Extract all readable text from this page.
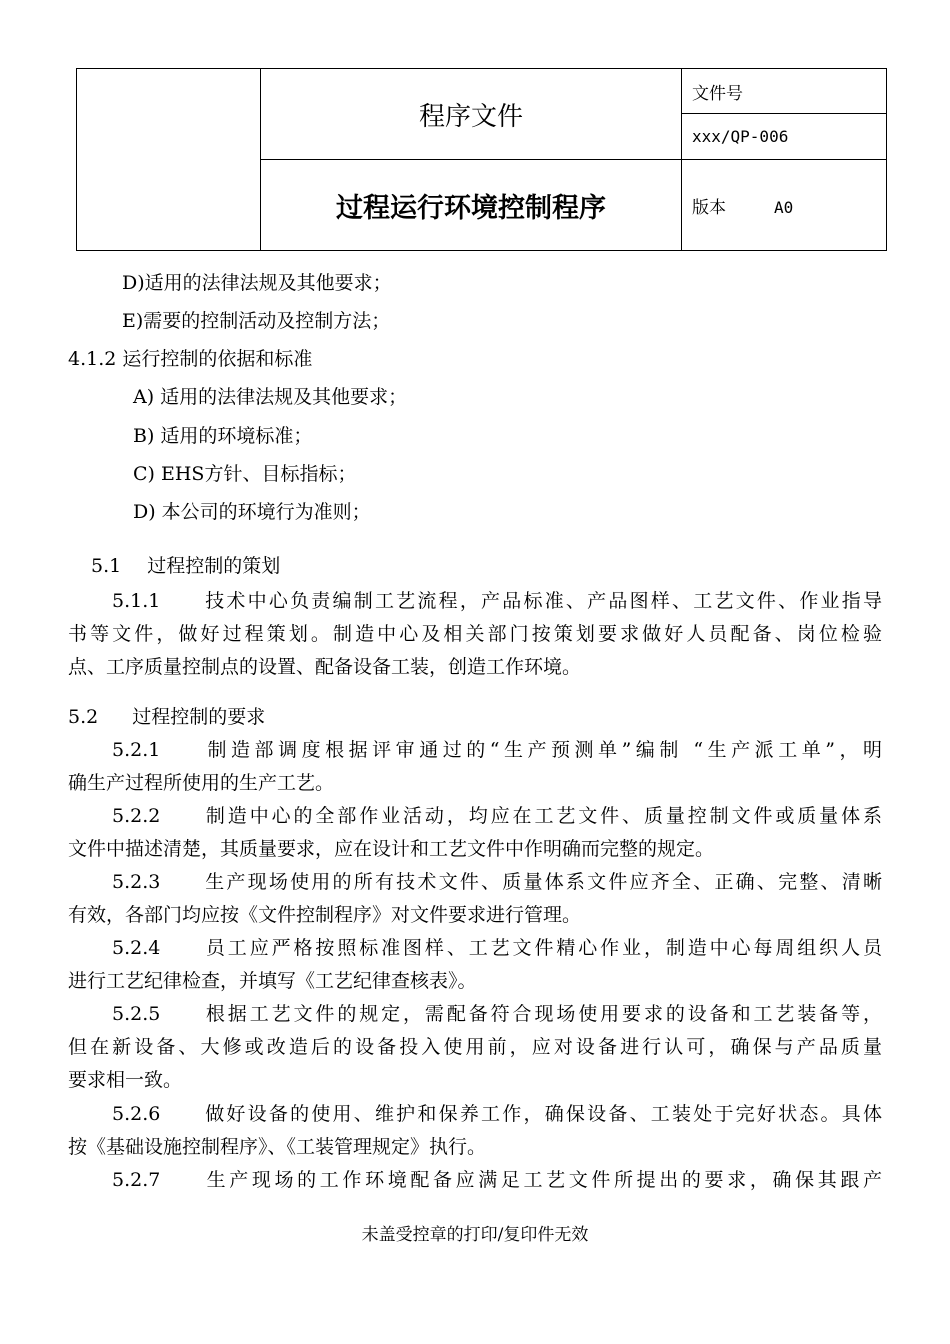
	程序文件	文件号
		xxx/QP-006
	过程运行环境控制程序	版本 A0
D)适用的法律法规及其他要求；
E)需要的控制活动及控制方法；
4.1.2 运行控制的依据和标准
A) 适用的法律法规及其他要求；
B) 适用的环境标准；
C) EHS方针、目标指标；
D) 本公司的环境行为准则；
5.1 过程控制的策划
5.1.1 技术中心负责编制工艺流程，产品标准、产品图样、工艺文件、作业指导
书等文件，做好过程策划。制造中心及相关部门按策划要求做好人员配备、岗位检验
点、工序质量控制点的设置、配备设备工装，创造工作环境。
5.2 过程控制的要求
5.2.1 制造部调度根据评审通过的“生产预测单”编制 “生产派工单”，明
确生产过程所使用的生产工艺。
5.2.2 制造中心的全部作业活动，均应在工艺文件、质量控制文件或质量体系
文件中描述清楚，其质量要求，应在设计和工艺文件中作明确而完整的规定。
5.2.3 生产现场使用的所有技术文件、质量体系文件应齐全、正确、完整、清晰
有效，各部门均应按《文件控制程序》对文件要求进行管理。
5.2.4 员工应严格按照标准图样、工艺文件精心作业，制造中心每周组织人员
进行工艺纪律检查，并填写《工艺纪律查核表》。
5.2.5 根据工艺文件的规定，需配备符合现场使用要求的设备和工艺装备等，
但在新设备、大修或改造后的设备投入使用前，应对设备进行认可，确保与产品质量
要求相一致。
5.2.6 做好设备的使用、维护和保养工作，确保设备、工装处于完好状态。具体
按《基础设施控制程序》、《工装管理规定》执行。
5.2.7 生产现场的工作环境配备应满足工艺文件所提出的要求，确保其跟产
未盖受控章的打印/复印件无效
